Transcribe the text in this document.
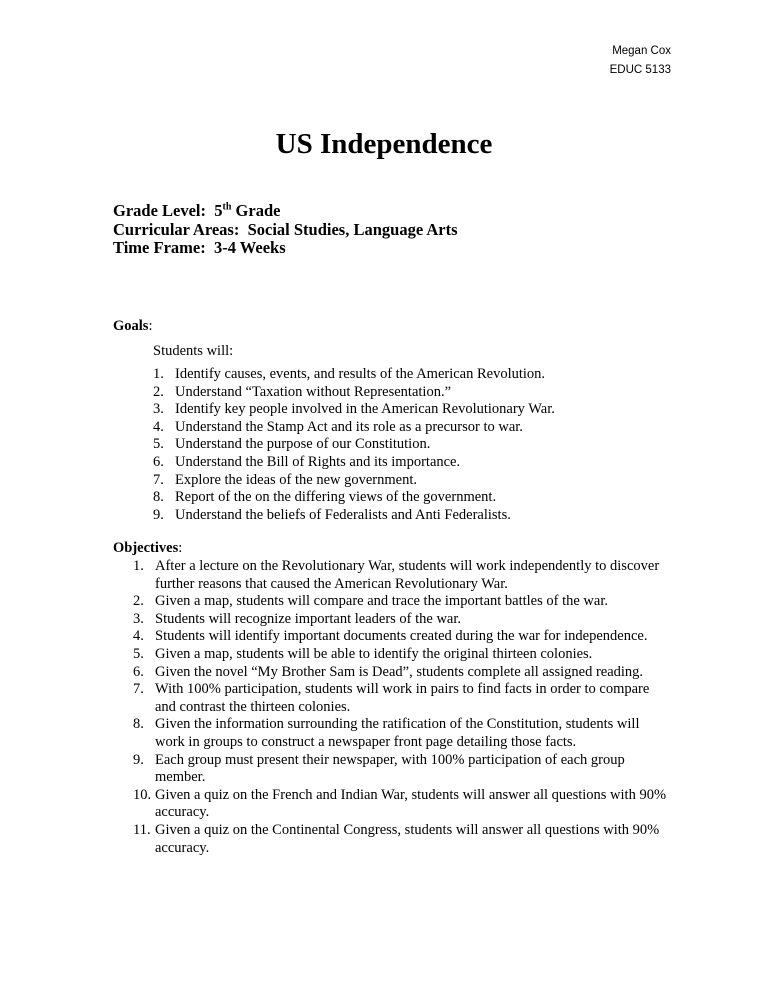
Megan Cox
EDUC 5133
US Independence
Grade Level: 5th Grade
Curricular Areas: Social Studies, Language Arts
Time Frame: 3-4 Weeks
Goals:
Students will:
1. Identify causes, events, and results of the American Revolution.
2. Understand “Taxation without Representation.”
3. Identify key people involved in the American Revolutionary War.
4. Understand the Stamp Act and its role as a precursor to war.
5. Understand the purpose of our Constitution.
6. Understand the Bill of Rights and its importance.
7. Explore the ideas of the new government.
8. Report of the on the differing views of the government.
9. Understand the beliefs of Federalists and Anti Federalists.
Objectives:
1. After a lecture on the Revolutionary War, students will work independently to discover further reasons that caused the American Revolutionary War.
2. Given a map, students will compare and trace the important battles of the war.
3. Students will recognize important leaders of the war.
4. Students will identify important documents created during the war for independence.
5. Given a map, students will be able to identify the original thirteen colonies.
6. Given the novel “My Brother Sam is Dead”, students complete all assigned reading.
7. With 100% participation, students will work in pairs to find facts in order to compare and contrast the thirteen colonies.
8. Given the information surrounding the ratification of the Constitution, students will work in groups to construct a newspaper front page detailing those facts.
9. Each group must present their newspaper, with 100% participation of each group member.
10. Given a quiz on the French and Indian War, students will answer all questions with 90% accuracy.
11. Given a quiz on the Continental Congress, students will answer all questions with 90% accuracy.
